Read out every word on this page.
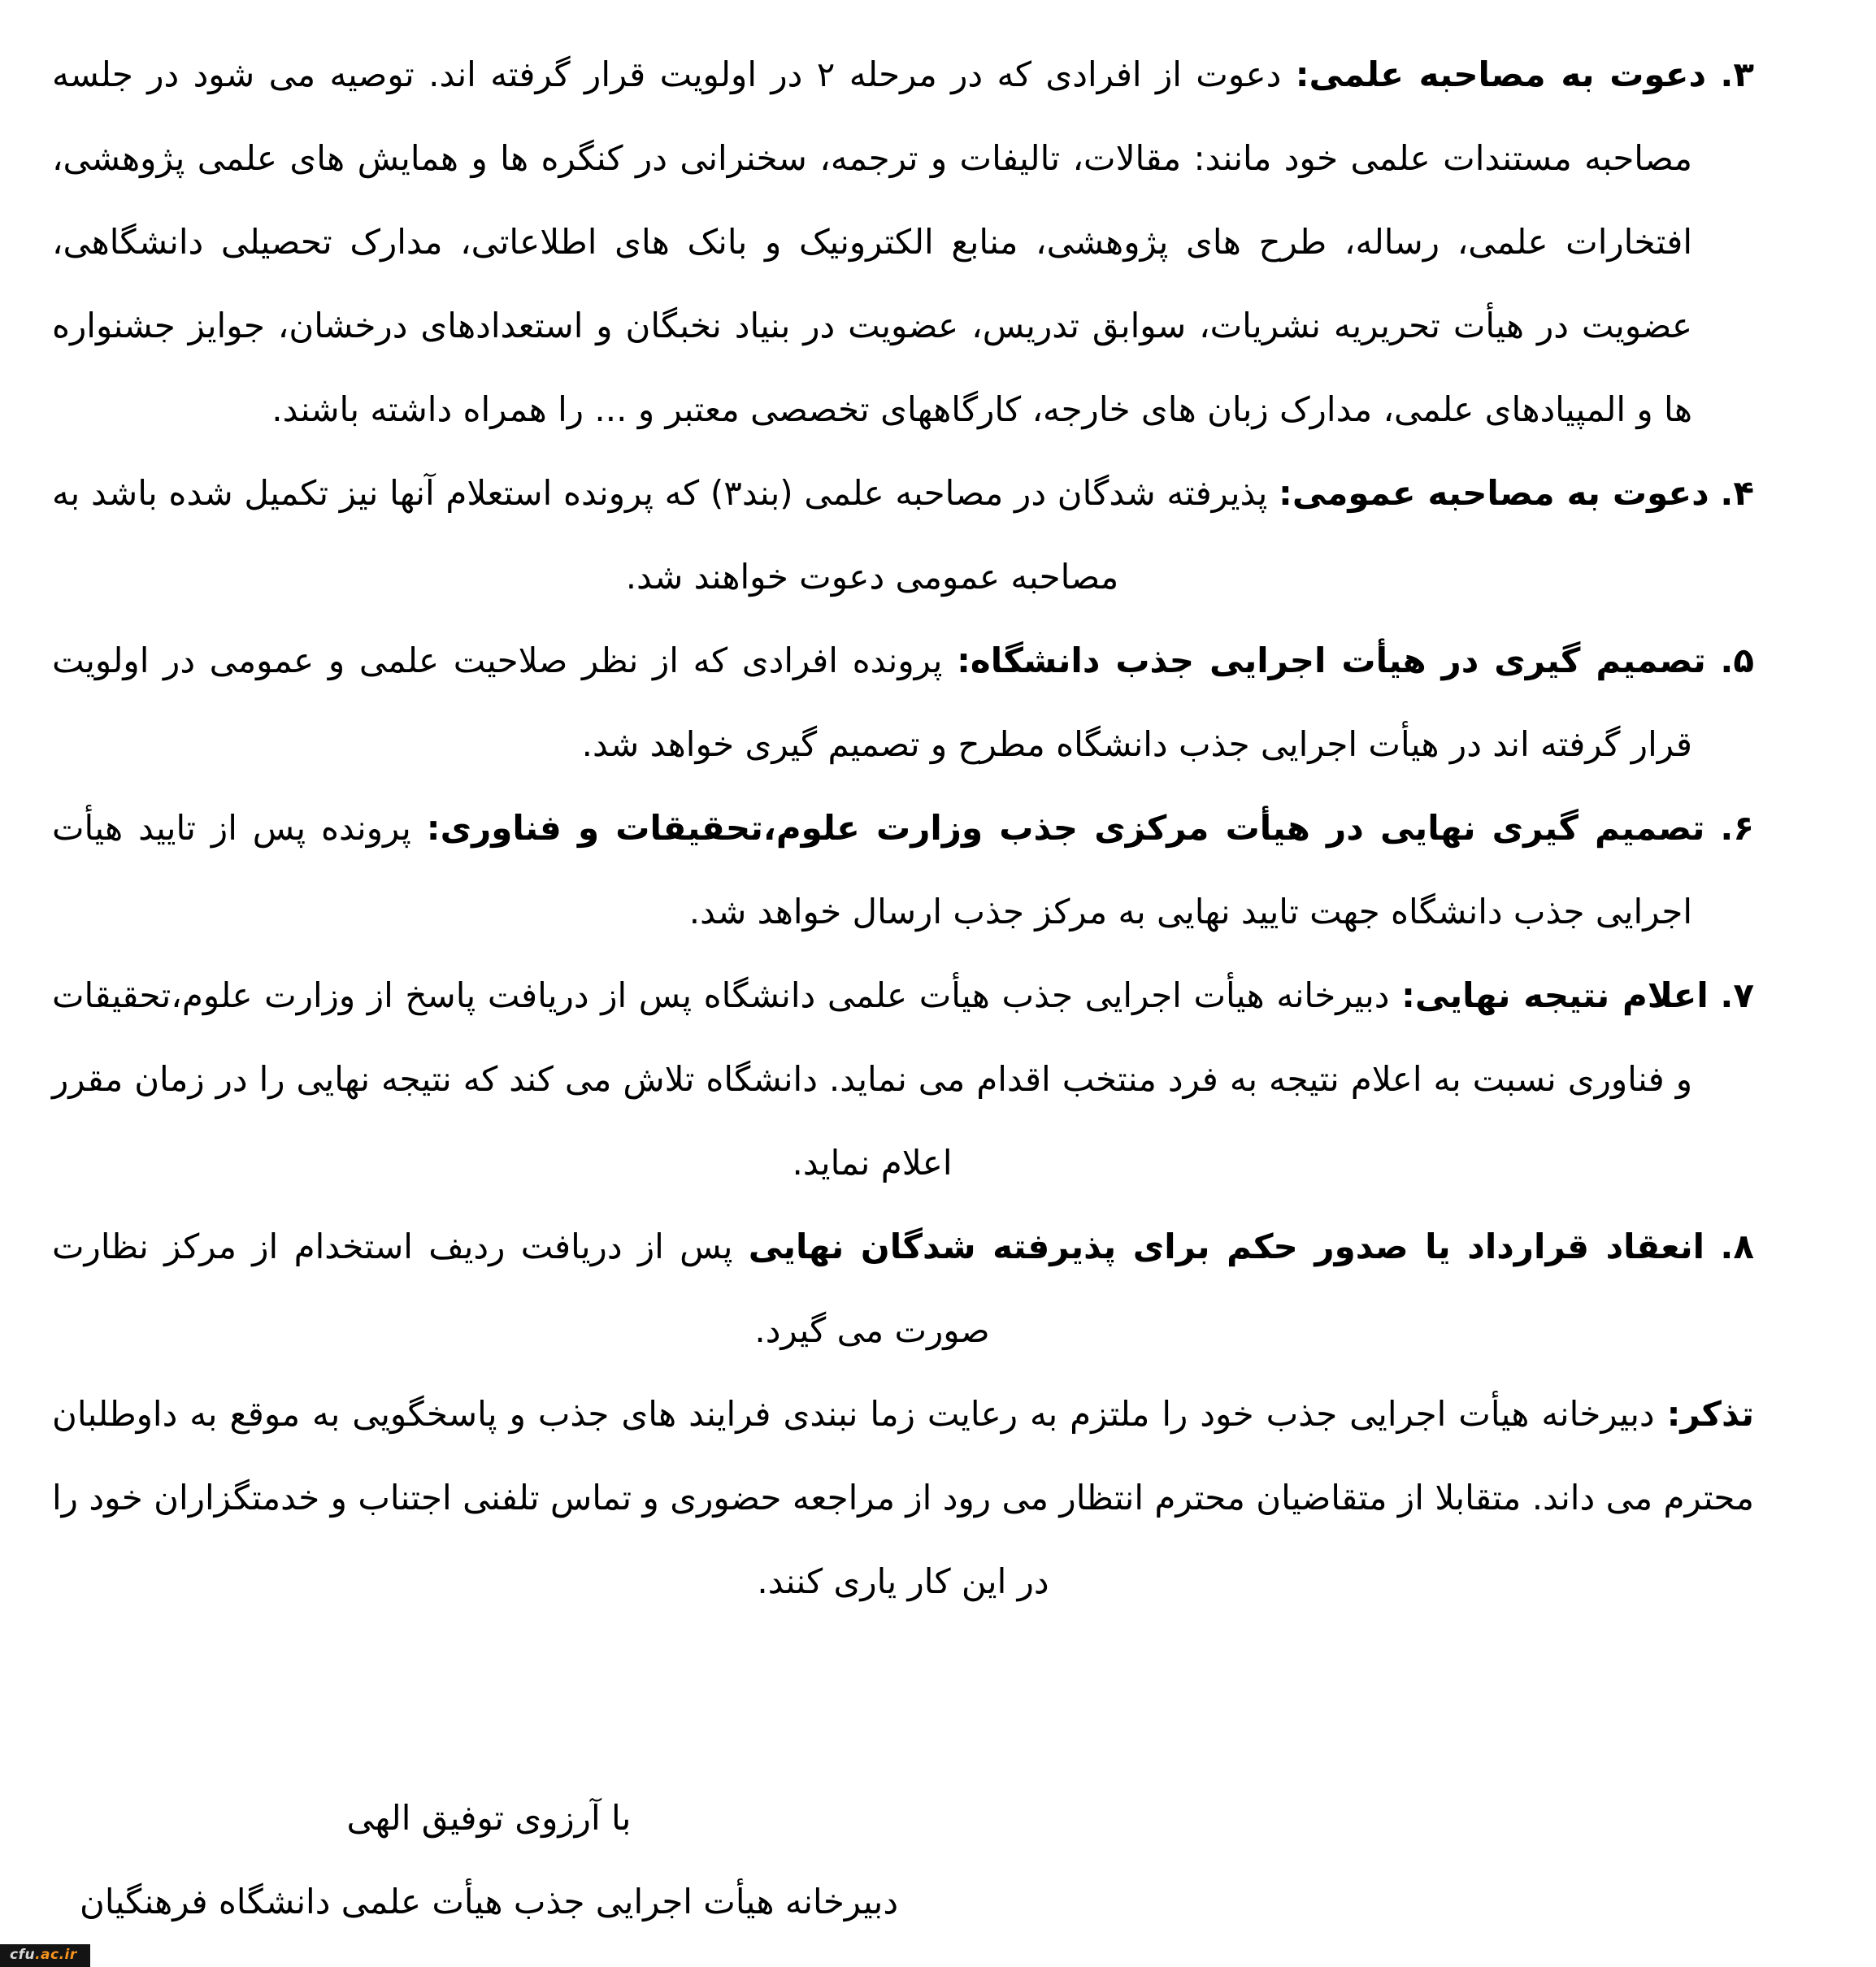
۳. دعوت به مصاحبه علمی: دعوت از افرادی که در مرحله ۲ در اولویت قرار گرفته اند. توصیه می شود در جلسه مصاحبه مستندات علمی خود مانند: مقالات، تالیفات و ترجمه، سخنرانی در کنگره ها و همایش های علمی پژوهشی، افتخارات علمی، رساله، طرح های پژوهشی، منابع الکترونیک و بانک های اطلاعاتی، مدارک تحصیلی دانشگاهی، عضویت در هیأت تحریریه نشریات، سوابق تدریس، عضویت در بنیاد نخبگان و استعدادهای درخشان، جوایز جشنواره ها و المپیادهای علمی، مدارک زبان های خارجه، کارگاههای تخصصی معتبر و ... را همراه داشته باشند.
۴. دعوت به مصاحبه عمومی: پذیرفته شدگان در مصاحبه علمی (بند۳) که پرونده استعلام آنها نیز تکمیل شده باشد به مصاحبه عمومی دعوت خواهند شد.
۵. تصمیم گیری در هیأت اجرایی جذب دانشگاه: پرونده افرادی که از نظر صلاحیت علمی و عمومی در اولویت قرار گرفته اند در هیأت اجرایی جذب دانشگاه مطرح و تصمیم گیری خواهد شد.
۶. تصمیم گیری نهایی در هیأت مرکزی جذب وزارت علوم،تحقیقات و فناوری: پرونده پس از تایید هیأت اجرایی جذب دانشگاه جهت تایید نهایی به مرکز جذب ارسال خواهد شد.
۷. اعلام نتیجه نهایی: دبیرخانه هیأت اجرایی جذب هیأت علمی دانشگاه پس از دریافت پاسخ از وزارت علوم،تحقیقات و فناوری نسبت به اعلام نتیجه به فرد منتخب اقدام می نماید. دانشگاه تلاش می کند که نتیجه نهایی را در زمان مقرر اعلام نماید.
۸. انعقاد قرارداد یا صدور حکم برای پذیرفته شدگان نهایی پس از دریافت ردیف استخدام از مرکز نظارت صورت می گیرد.
تذکر: دبیرخانه هیأت اجرایی جذب خود را ملتزم به رعایت زما نبندی فرایند های جذب و پاسخگویی به موقع به داوطلبان محترم می داند. متقابلا از متقاضیان محترم انتظار می رود از مراجعه حضوری و تماس تلفنی اجتناب و خدمتگزاران خود را در این کار یاری کنند.
با آرزوی توفیق الهی
دبیرخانه هیأت اجرایی جذب هیأت علمی دانشگاه فرهنگیان
cfu.ac.ir
